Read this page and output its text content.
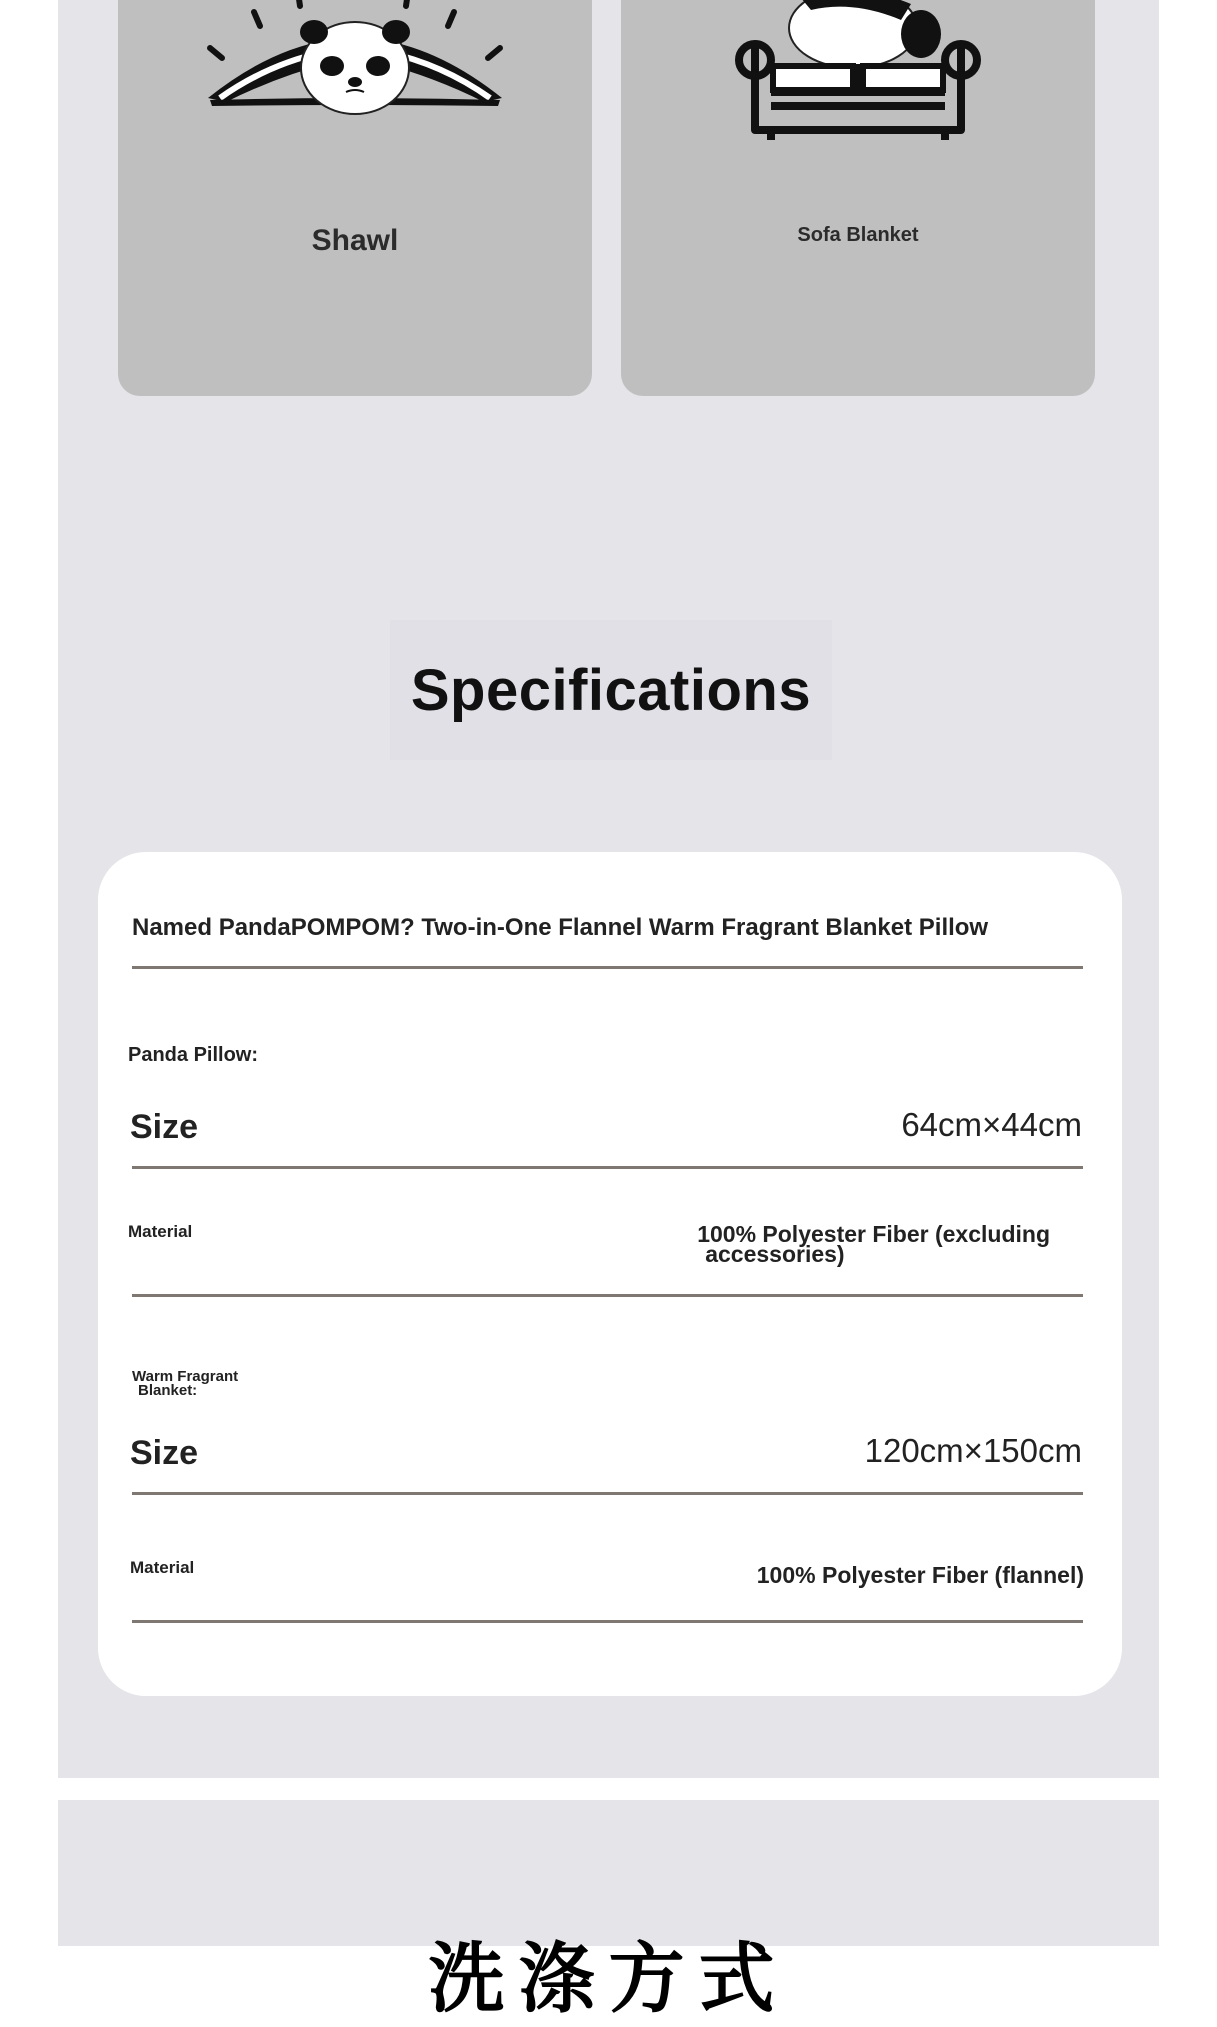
Shawl	Sofa Blanket
Specifications
Named PandaPOMPOM? Two-in-One Flannel Warm Fragrant Blanket Pillow
Panda Pillow:
Size	64cm×44cm
Material	100% Polyester Fiber (excluding
accessories)
Warm Fragrant
Blanket:
Size	120cm×150cm
Material	100% Polyester Fiber (flannel)
洗涤方式
